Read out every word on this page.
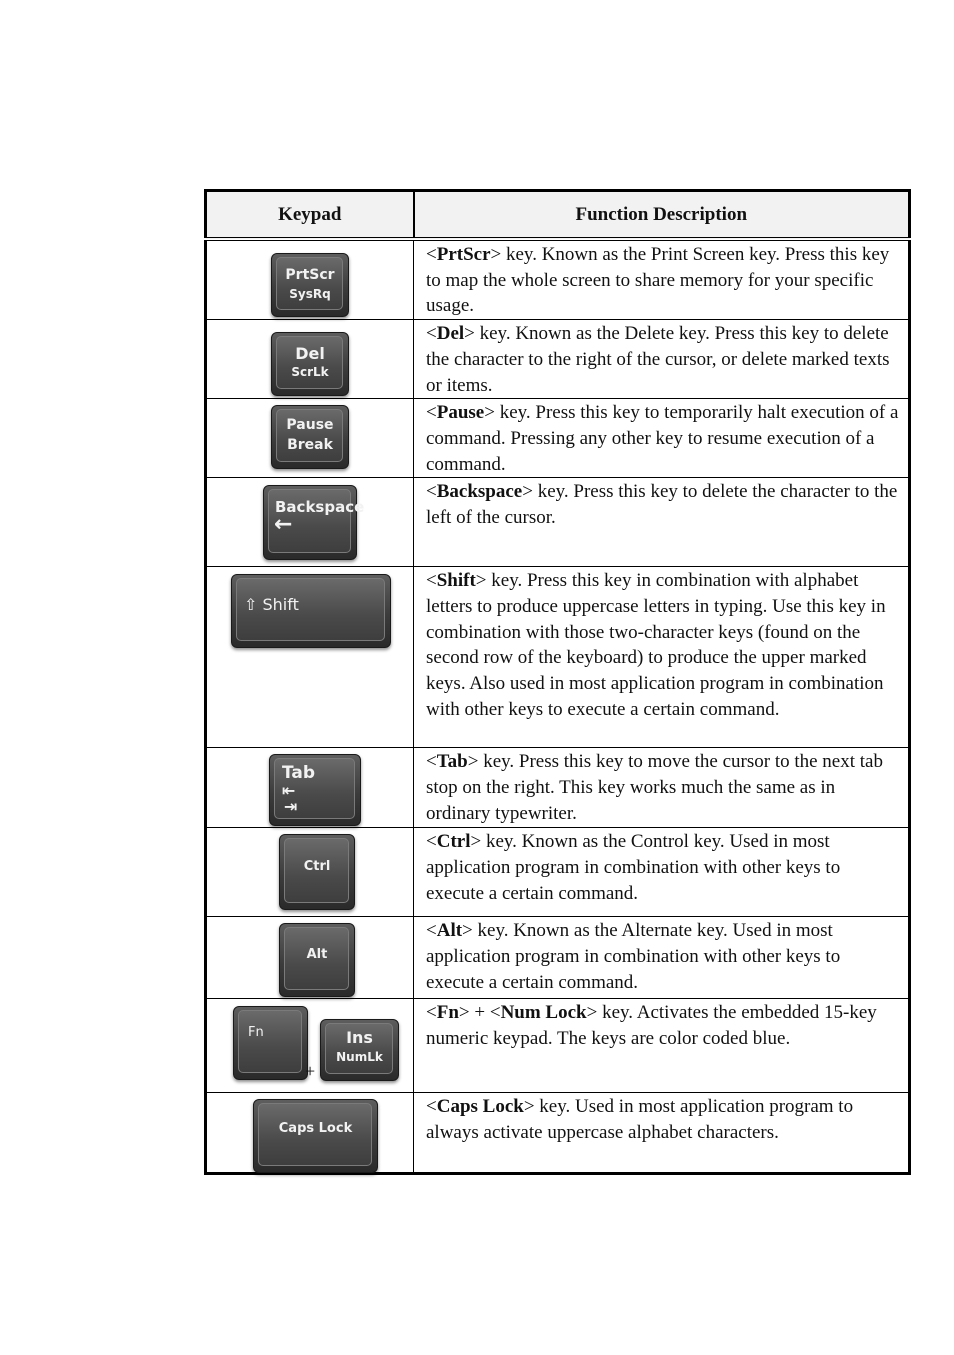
Keypad	Function Description

PrtScr
SysRq	<PrtScr> key. Known as the Print Screen key. Press this key to map the whole screen to share memory for your specific usage.

Del
ScrLk	<Del> key. Known as the Delete key. Press this key to delete the character to the right of the cursor, or delete marked texts or items.

Pause
Break	<Pause> key. Press this key to temporarily halt execution of a command. Pressing any other key to resume execution of a command.

Backspace
←	<Backspace> key. Press this key to delete the character to the left of the cursor.

⇧ Shift	<Shift> key. Press this key in combination with alphabet letters to produce uppercase letters in typing. Use this key in combination with those two-character keys (found on the second row of the keyboard) to produce the upper marked keys. Also used in most application program in combination with other keys to execute a certain command.

Tab
⇤
⇥	<Tab> key. Press this key to move the cursor to the next tab stop on the right. This key works much the same as in ordinary typewriter.

Ctrl	<Ctrl> key. Known as the Control key. Used in most application program in combination with other keys to execute a certain command.

Alt	<Alt> key. Known as the Alternate key. Used in most application program in combination with other keys to execute a certain command.

Fn
+
Ins
NumLk	<Fn> + <Num Lock> key. Activates the embedded 15-key numeric keypad. The keys are color coded blue.

Caps Lock	<Caps Lock> key. Used in most application program to always activate uppercase alphabet characters.
